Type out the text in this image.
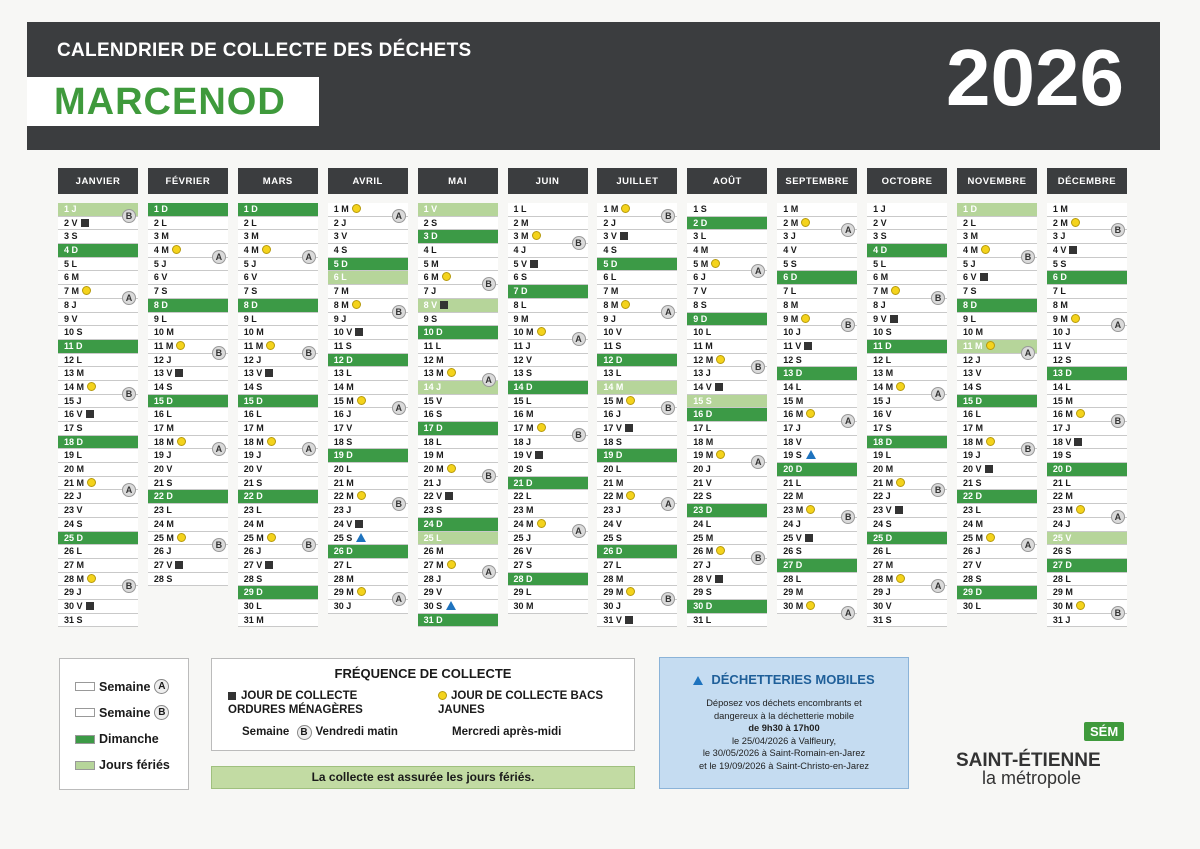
CALENDRIER DE COLLECTE DES DÉCHETS
MARCENOD	2026
JANVIER
1 J
2 V
3 S
4 D
5 L
6 M
7 M
8 J
9 V
10 S
11 D
12 L
13 M
14 M
15 J
16 V
17 S
18 D
19 L
20 M
21 M
22 J
23 V
24 S
25 D
26 L
27 M
28 M
29 J
30 V
31 S
B
A
B
A
B
FÉVRIER
1 D
2 L
3 M
4 M
5 J
6 V
7 S
8 D
9 L
10 M
11 M
12 J
13 V
14 S
15 D
16 L
17 M
18 M
19 J
20 V
21 S
22 D
23 L
24 M
25 M
26 J
27 V
28 S
A
B
A
B
MARS
1 D
2 L
3 M
4 M
5 J
6 V
7 S
8 D
9 L
10 M
11 M
12 J
13 V
14 S
15 D
16 L
17 M
18 M
19 J
20 V
21 S
22 D
23 L
24 M
25 M
26 J
27 V
28 S
29 D
30 L
31 M
A
B
A
B
AVRIL
1 M
2 J
3 V
4 S
5 D
6 L
7 M
8 M
9 J
10 V
11 S
12 D
13 L
14 M
15 M
16 J
17 V
18 S
19 D
20 L
21 M
22 M
23 J
24 V
25 S
26 D
27 L
28 M
29 M
30 J
A
B
A
B
A
MAI
1 V
2 S
3 D
4 L
5 M
6 M
7 J
8 V
9 S
10 D
11 L
12 M
13 M
14 J
15 V
16 S
17 D
18 L
19 M
20 M
21 J
22 V
23 S
24 D
25 L
26 M
27 M
28 J
29 V
30 S
31 D
B
A
B
A
JUIN
1 L
2 M
3 M
4 J
5 V
6 S
7 D
8 L
9 M
10 M
11 J
12 V
13 S
14 D
15 L
16 M
17 M
18 J
19 V
20 S
21 D
22 L
23 M
24 M
25 J
26 V
27 S
28 D
29 L
30 M
B
A
B
A
JUILLET
1 M
2 J
3 V
4 S
5 D
6 L
7 M
8 M
9 J
10 V
11 S
12 D
13 L
14 M
15 M
16 J
17 V
18 S
19 D
20 L
21 M
22 M
23 J
24 V
25 S
26 D
27 L
28 M
29 M
30 J
31 V
B
A
B
A
B
AOÛT
1 S
2 D
3 L
4 M
5 M
6 J
7 V
8 S
9 D
10 L
11 M
12 M
13 J
14 V
15 S
16 D
17 L
18 M
19 M
20 J
21 V
22 S
23 D
24 L
25 M
26 M
27 J
28 V
29 S
30 D
31 L
A
B
A
B
SEPTEMBRE
1 M
2 M
3 J
4 V
5 S
6 D
7 L
8 M
9 M
10 J
11 V
12 S
13 D
14 L
15 M
16 M
17 J
18 V
19 S
20 D
21 L
22 M
23 M
24 J
25 V
26 S
27 D
28 L
29 M
30 M
A
B
A
B
A
OCTOBRE
1 J
2 V
3 S
4 D
5 L
6 M
7 M
8 J
9 V
10 S
11 D
12 L
13 M
14 M
15 J
16 V
17 S
18 D
19 L
20 M
21 M
22 J
23 V
24 S
25 D
26 L
27 M
28 M
29 J
30 V
31 S
B
A
B
A
NOVEMBRE
1 D
2 L
3 M
4 M
5 J
6 V
7 S
8 D
9 L
10 M
11 M
12 J
13 V
14 S
15 D
16 L
17 M
18 M
19 J
20 V
21 S
22 D
23 L
24 M
25 M
26 J
27 V
28 S
29 D
30 L
B
A
B
A
DÉCEMBRE
1 M
2 M
3 J
4 V
5 S
6 D
7 L
8 M
9 M
10 J
11 V
12 S
13 D
14 L
15 M
16 M
17 J
18 V
19 S
20 D
21 L
22 M
23 M
24 J
25 V
26 S
27 D
28 L
29 M
30 M
31 J
B
A
B
A
B
Semaine A
Semaine B
Dimanche
Jours fériés
FRÉQUENCE DE COLLECTE
JOUR DE COLLECTE ORDURES MÉNAGÈRES
Semaine B Vendredi matin
JOUR DE COLLECTE BACS JAUNES
Mercredi après-midi
La collecte est assurée les jours fériés.
DÉCHETTERIES MOBILES
Déposez vos déchets encombrants et
dangereux à la déchetterie mobile
de 9h30 à 17h00
le 25/04/2026 à Valfleury,
le 30/05/2026 à Saint-Romain-en-Jarez
et le 19/09/2026 à Saint-Christo-en-Jarez
SÉM
SAINT-ÉTIENNE
la métropole
